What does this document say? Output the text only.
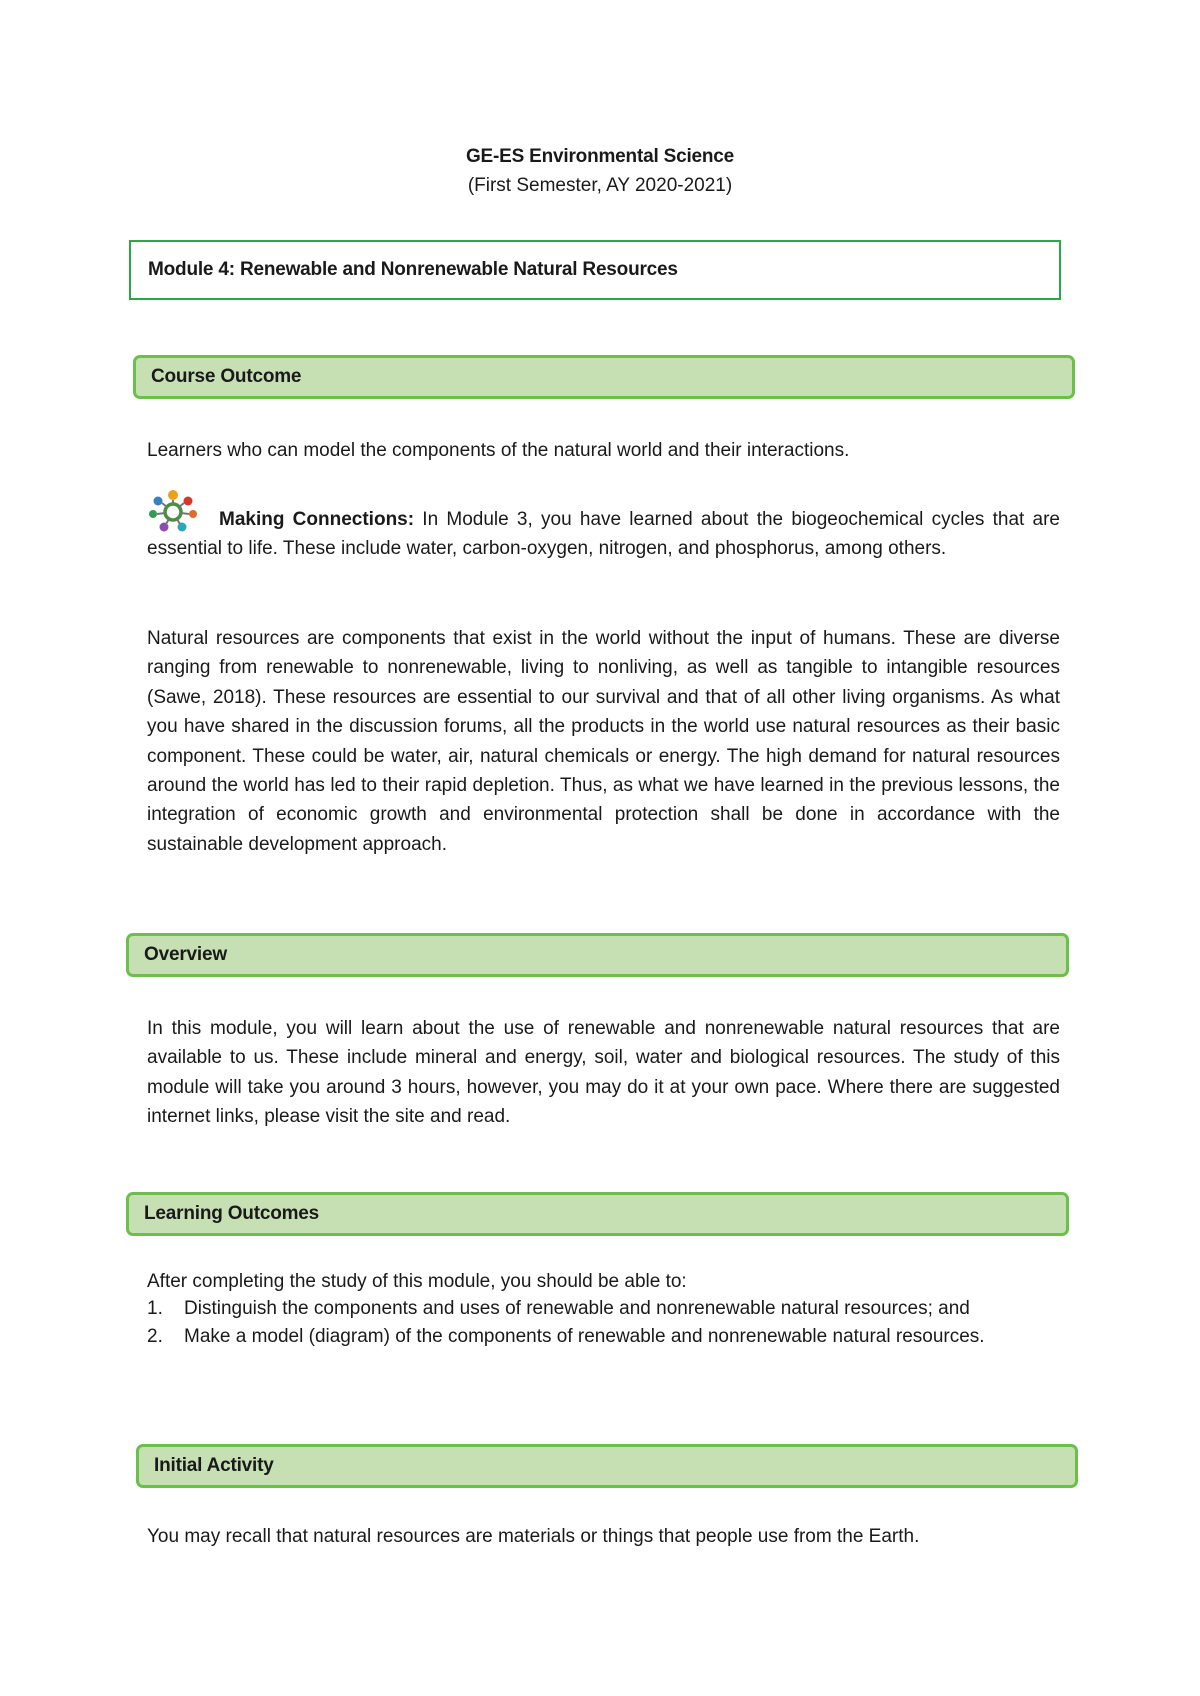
GE-ES Environmental Science
(First Semester, AY 2020-2021)
Module 4: Renewable and Nonrenewable Natural Resources
Course Outcome

Learners who can model the components of the natural world and their interactions.

Making Connections: In Module 3, you have learned about the biogeochemical cycles that are essential to life. These include water, carbon-oxygen, nitrogen, and phosphorus, among others.

Natural resources are components that exist in the world without the input of humans. These are diverse ranging from renewable to nonrenewable, living to nonliving, as well as tangible to intangible resources (Sawe, 2018). These resources are essential to our survival and that of all other living organisms. As what you have shared in the discussion forums, all the products in the world use natural resources as their basic component. These could be water, air, natural chemicals or energy. The high demand for natural resources around the world has led to their rapid depletion. Thus, as what we have learned in the previous lessons, the integration of economic growth and environmental protection shall be done in accordance with the sustainable development approach.

Overview

In this module, you will learn about the use of renewable and nonrenewable natural resources that are available to us. These include mineral and energy, soil, water and biological resources. The study of this module will take you around 3 hours, however, you may do it at your own pace. Where there are suggested internet links, please visit the site and read.

Learning Outcomes

After completing the study of this module, you should be able to:

1.	Distinguish the components and uses of renewable and nonrenewable natural resources; and
2.	Make a model (diagram) of the components of renewable and nonrenewable natural resources.
Initial Activity

You may recall that natural resources are materials or things that people use from the Earth.
